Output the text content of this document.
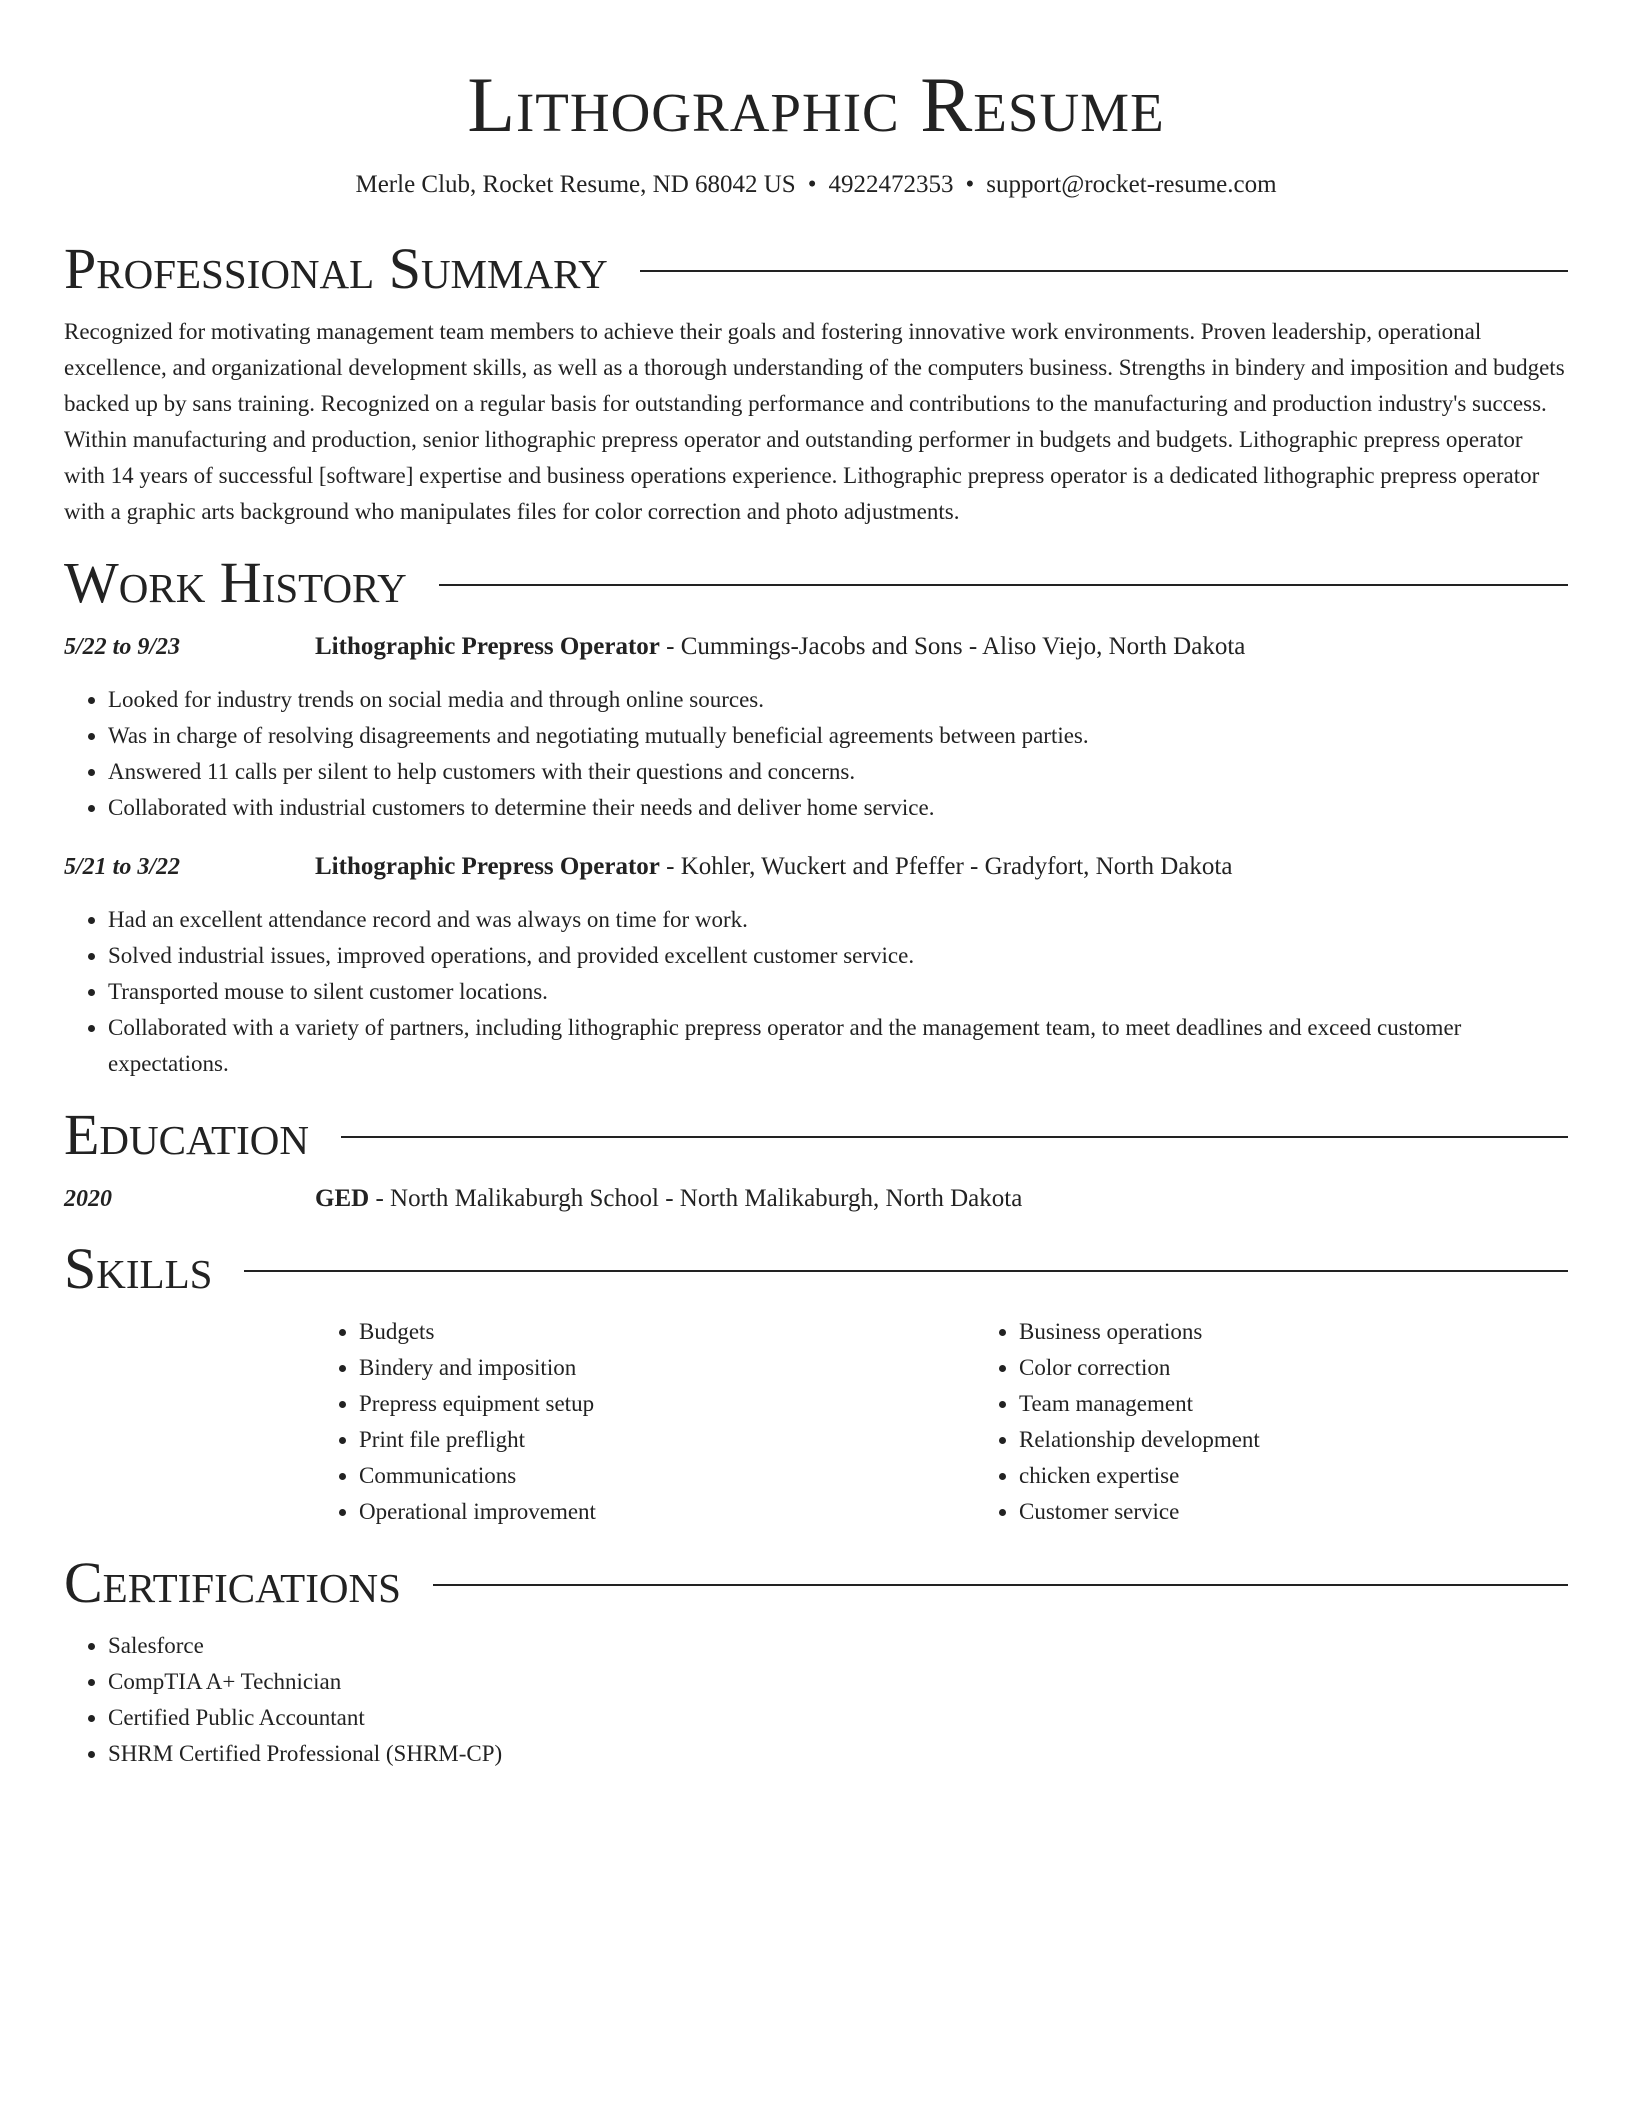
Lithographic Resume
Merle Club, Rocket Resume, ND 68042 US • 4922472353 • support@rocket-resume.com
Professional Summary

Recognized for motivating management team members to achieve their goals and fostering innovative work environments. Proven leadership, operational excellence, and organizational development skills, as well as a thorough understanding of the computers business. Strengths in bindery and imposition and budgets backed up by sans training. Recognized on a regular basis for outstanding performance and contributions to the manufacturing and production industry's success. Within manufacturing and production, senior lithographic prepress operator and outstanding performer in budgets and budgets. Lithographic prepress operator with 14 years of successful [software] expertise and business operations experience. Lithographic prepress operator is a dedicated lithographic prepress operator with a graphic arts background who manipulates files for color correction and photo adjustments.

Work History
5/22 to 9/23	Lithographic Prepress Operator - Cummings-Jacobs and Sons - Aliso Viejo, North Dakota
• Looked for industry trends on social media and through online sources.
• Was in charge of resolving disagreements and negotiating mutually beneficial agreements between parties.
• Answered 11 calls per silent to help customers with their questions and concerns.
• Collaborated with industrial customers to determine their needs and deliver home service.
5/21 to 3/22	Lithographic Prepress Operator - Kohler, Wuckert and Pfeffer - Gradyfort, North Dakota
• Had an excellent attendance record and was always on time for work.
• Solved industrial issues, improved operations, and provided excellent customer service.
• Transported mouse to silent customer locations.
• Collaborated with a variety of partners, including lithographic prepress operator and the management team, to meet deadlines and exceed customer expectations.
Education
2020	GED - North Malikaburgh School - North Malikaburgh, North Dakota
Skills
• Budgets
• Bindery and imposition
• Prepress equipment setup
• Print file preflight
• Communications
• Operational improvement
• Business operations
• Color correction
• Team management
• Relationship development
• chicken expertise
• Customer service
Certifications
• Salesforce
• CompTIA A+ Technician
• Certified Public Accountant
• SHRM Certified Professional (SHRM-CP)
